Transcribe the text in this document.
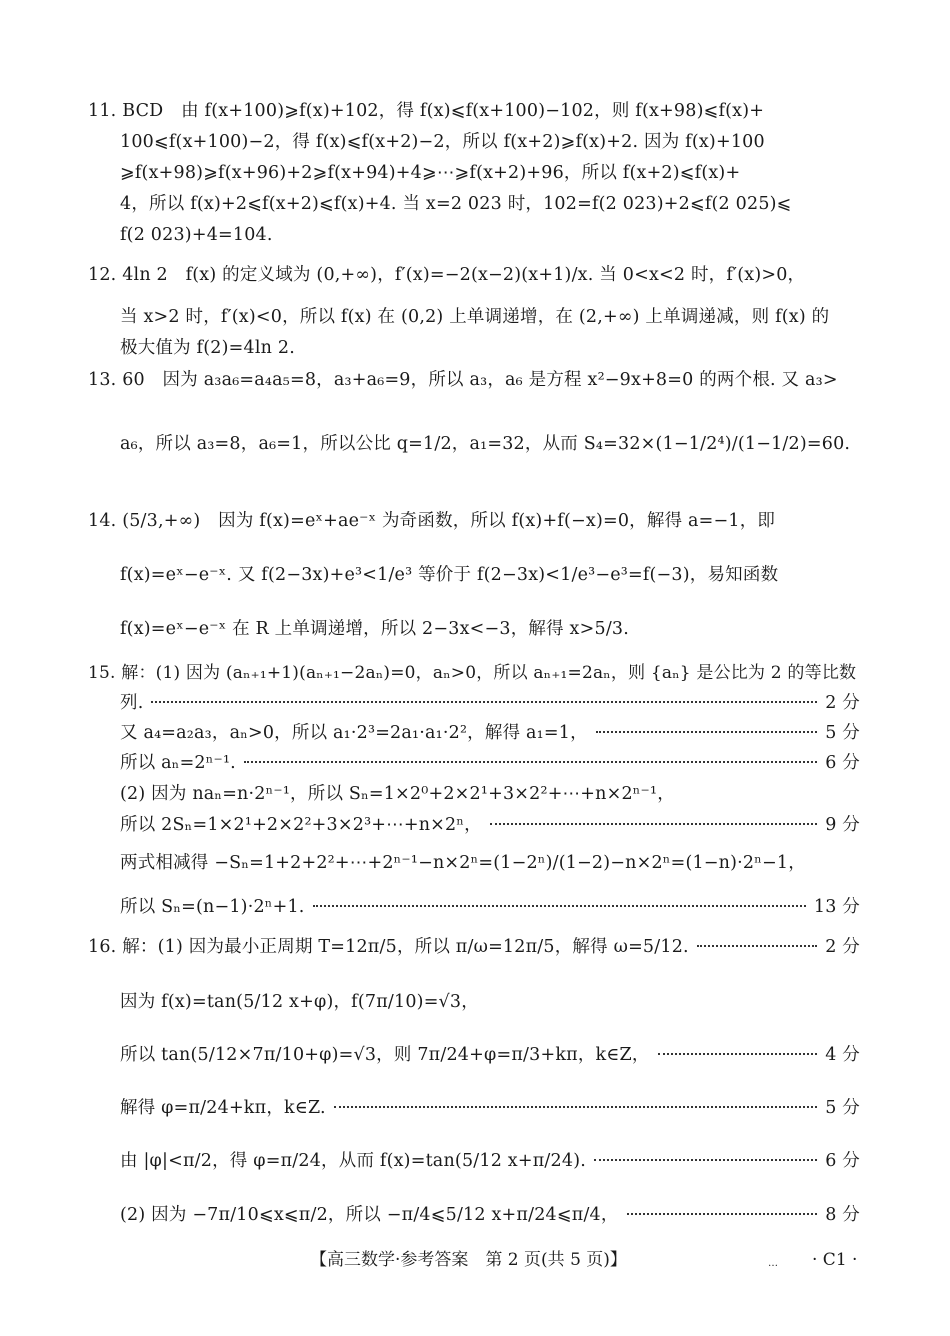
11. BCD　由 f(x+100)⩾f(x)+102，得 f(x)⩽f(x+100)−102，则 f(x+98)⩽f(x)+
100⩽f(x+100)−2，得 f(x)⩽f(x+2)−2，所以 f(x+2)⩾f(x)+2. 因为 f(x)+100
⩾f(x+98)⩾f(x+96)+2⩾f(x+94)+4⩾⋯⩾f(x+2)+96，所以 f(x+2)⩽f(x)+
4，所以 f(x)+2⩽f(x+2)⩽f(x)+4. 当 x=2 023 时，102=f(2 023)+2⩽f(2 025)⩽
f(2 023)+4=104.
12. 4ln 2　f(x) 的定义域为 (0,+∞)，f′(x)=−2(x−2)(x+1)/x. 当 0<x<2 时，f′(x)>0，
当 x>2 时，f′(x)<0，所以 f(x) 在 (0,2) 上单调递增，在 (2,+∞) 上单调递减，则 f(x) 的
极大值为 f(2)=4ln 2.
13. 60　因为 a₃a₆=a₄a₅=8，a₃+a₆=9，所以 a₃，a₆ 是方程 x²−9x+8=0 的两个根. 又 a₃>
a₆，所以 a₃=8，a₆=1，所以公比 q=1/2，a₁=32，从而 S₄=32×(1−1/2⁴)/(1−1/2)=60.
14. (5/3,+∞)　因为 f(x)=eˣ+ae⁻ˣ 为奇函数，所以 f(x)+f(−x)=0，解得 a=−1，即
f(x)=eˣ−e⁻ˣ. 又 f(2−3x)+e³<1/e³ 等价于 f(2−3x)<1/e³−e³=f(−3)，易知函数
f(x)=eˣ−e⁻ˣ 在 R 上单调递增，所以 2−3x<−3，解得 x>5/3.
15. 解：(1) 因为 (aₙ₊₁+1)(aₙ₊₁−2aₙ)=0，aₙ>0，所以 aₙ₊₁=2aₙ，则 {aₙ} 是公比为 2 的等比数
列.	2 分
又 a₄=a₂a₃，aₙ>0，所以 a₁·2³=2a₁·a₁·2²，解得 a₁=1，	5 分
所以 aₙ=2ⁿ⁻¹.	6 分
(2) 因为 naₙ=n·2ⁿ⁻¹，所以 Sₙ=1×2⁰+2×2¹+3×2²+⋯+n×2ⁿ⁻¹，
所以 2Sₙ=1×2¹+2×2²+3×2³+⋯+n×2ⁿ，	9 分
两式相减得 −Sₙ=1+2+2²+⋯+2ⁿ⁻¹−n×2ⁿ=(1−2ⁿ)/(1−2)−n×2ⁿ=(1−n)·2ⁿ−1，
所以 Sₙ=(n−1)·2ⁿ+1.	13 分
16. 解：(1) 因为最小正周期 T=12π/5，所以 π/ω=12π/5，解得 ω=5/12.	2 分
因为 f(x)=tan(5/12 x+φ)，f(7π/10)=√3，
所以 tan(5/12×7π/10+φ)=√3，则 7π/24+φ=π/3+kπ，k∈Z，	4 分
解得 φ=π/24+kπ，k∈Z.	5 分
由 |φ|<π/2，得 φ=π/24，从而 f(x)=tan(5/12 x+π/24).	6 分
(2) 因为 −7π/10⩽x⩽π/2，所以 −π/4⩽5/12 x+π/24⩽π/4，	8 分
【高三数学·参考答案　第 2 页(共 5 页)】	… · C1 ·
